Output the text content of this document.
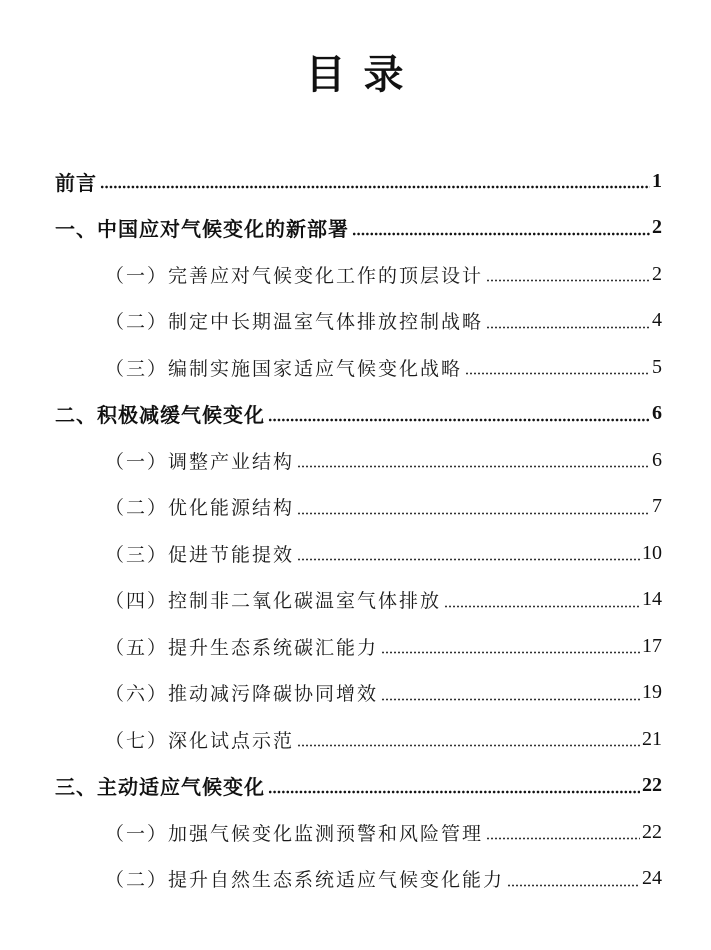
目 录
前言	1
一、中国应对气候变化的新部署	2
（一）完善应对气候变化工作的顶层设计	2
（二）制定中长期温室气体排放控制战略	4
（三）编制实施国家适应气候变化战略	5
二、积极减缓气候变化	6
（一）调整产业结构	6
（二）优化能源结构	7
（三）促进节能提效	10
（四）控制非二氧化碳温室气体排放	14
（五）提升生态系统碳汇能力	17
（六）推动减污降碳协同增效	19
（七）深化试点示范	21
三、主动适应气候变化	22
（一）加强气候变化监测预警和风险管理	22
（二）提升自然生态系统适应气候变化能力	24
